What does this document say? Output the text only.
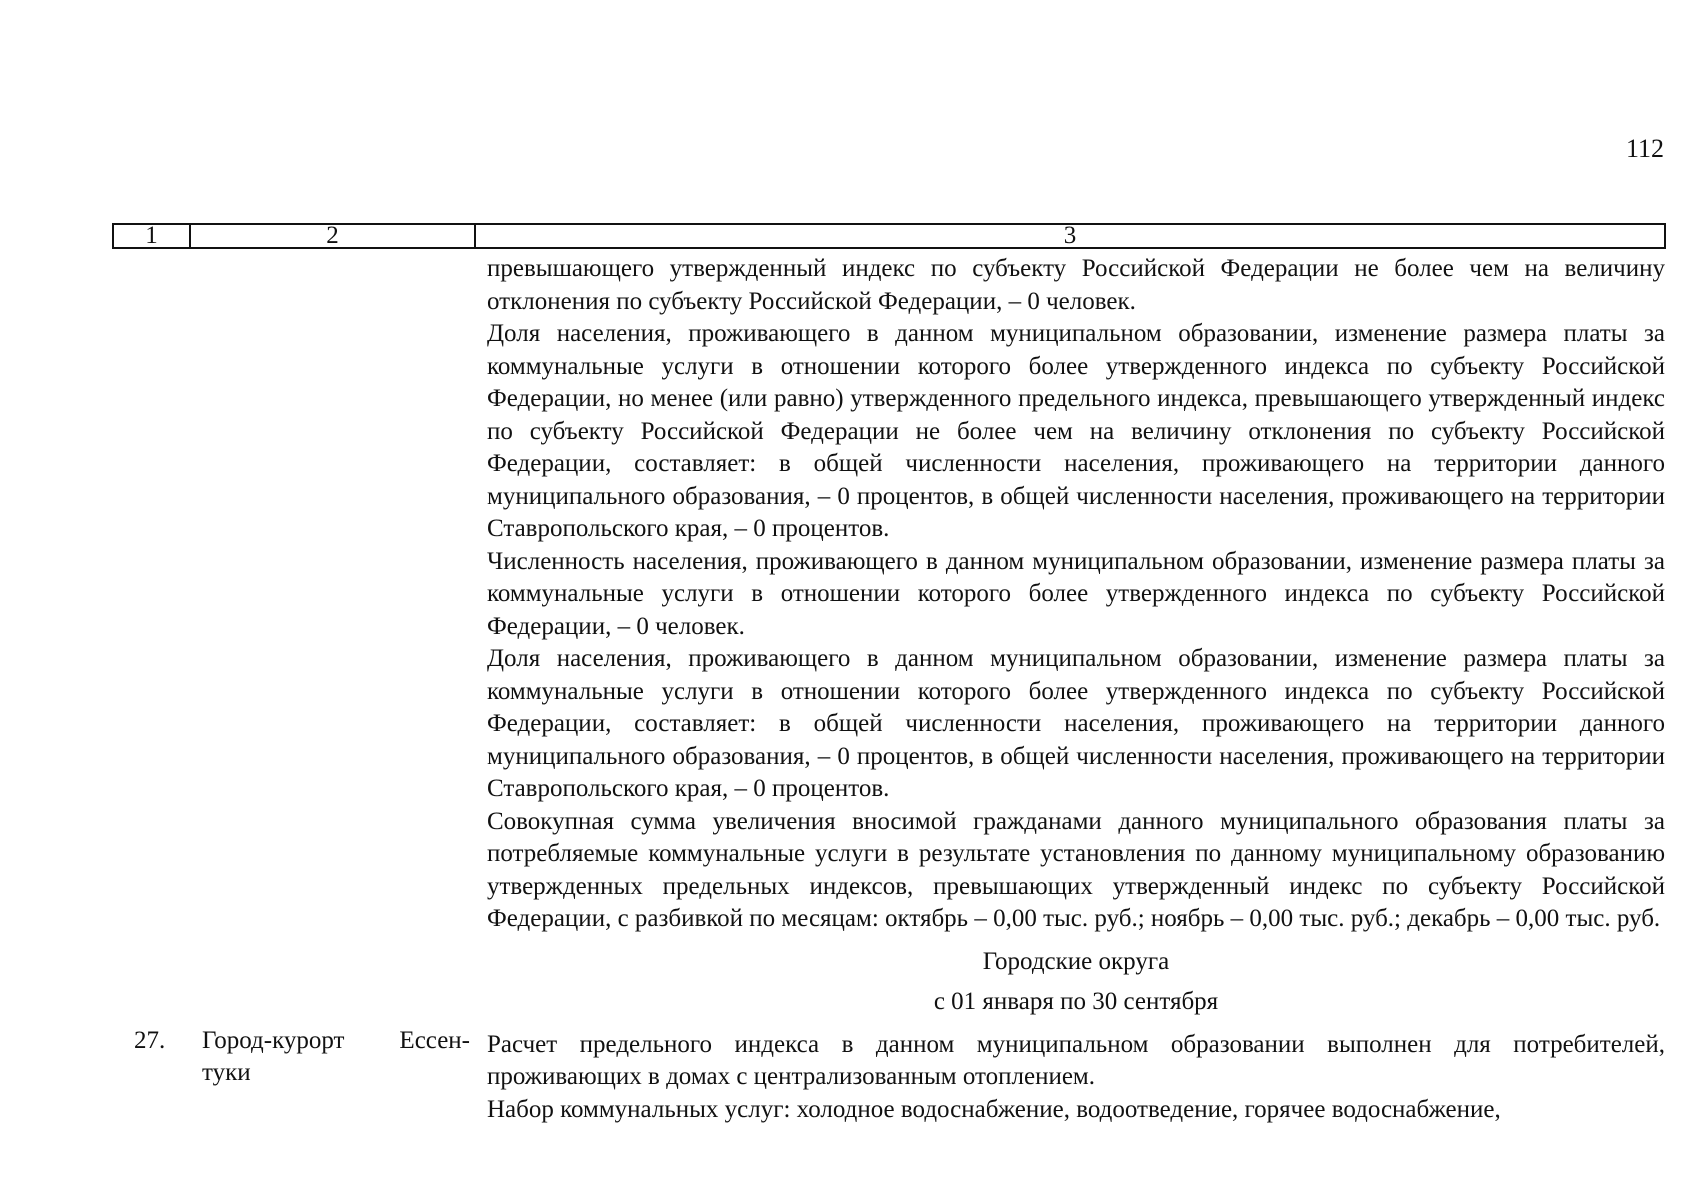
112
1	2	3

превышающего утвержденный индекс по субъекту Российской Федерации не более чем на величину отклонения по субъекту Российской Федерации, – 0 человек.

Доля населения, проживающего в данном муниципальном образовании, изменение размера платы за коммунальные услуги в отношении которого более утвержденного индекса по субъекту Российской Федерации, но менее (или равно) утвержденного предельного индекса, превышающего утвержденный индекс по субъекту Российской Федерации не более чем на величину отклонения по субъекту Российской Федерации, составляет: в общей численности населения, проживающего на территории данного муниципального образования, – 0 процентов, в общей численности населения, проживающего на территории Ставропольского края, – 0 процентов.

Численность населения, проживающего в данном муниципальном образовании, изменение размера платы за коммунальные услуги в отношении которого более утвержденного индекса по субъекту Российской Федерации, – 0 человек.

Доля населения, проживающего в данном муниципальном образовании, изменение размера платы за коммунальные услуги в отношении которого более утвержденного индекса по субъекту Российской Федерации, составляет: в общей численности населения, проживающего на территории данного муниципального образования, – 0 процентов, в общей численности населения, проживающего на территории Ставропольского края, – 0 процентов.

Совокупная сумма увеличения вносимой гражданами данного муниципального образования платы за потребляемые коммунальные услуги в результате установления по данному муниципальному образованию утвержденных предельных индексов, превышающих утвержденный индекс по субъекту Российской Федерации, с разбивкой по месяцам: октябрь – 0,00 тыс. руб.; ноябрь – 0,00 тыс. руб.; декабрь – 0,00 тыс. руб.

Городские округа

с 01 января по 30 сентября

Расчет предельного индекса в данном муниципальном образовании выполнен для потребителей, проживающих в домах с централизованным отоплением.

Набор коммунальных услуг: холодное водоснабжение, водоотведение, горячее водоснабжение,

27. Город-курорт Ессен-
туки
